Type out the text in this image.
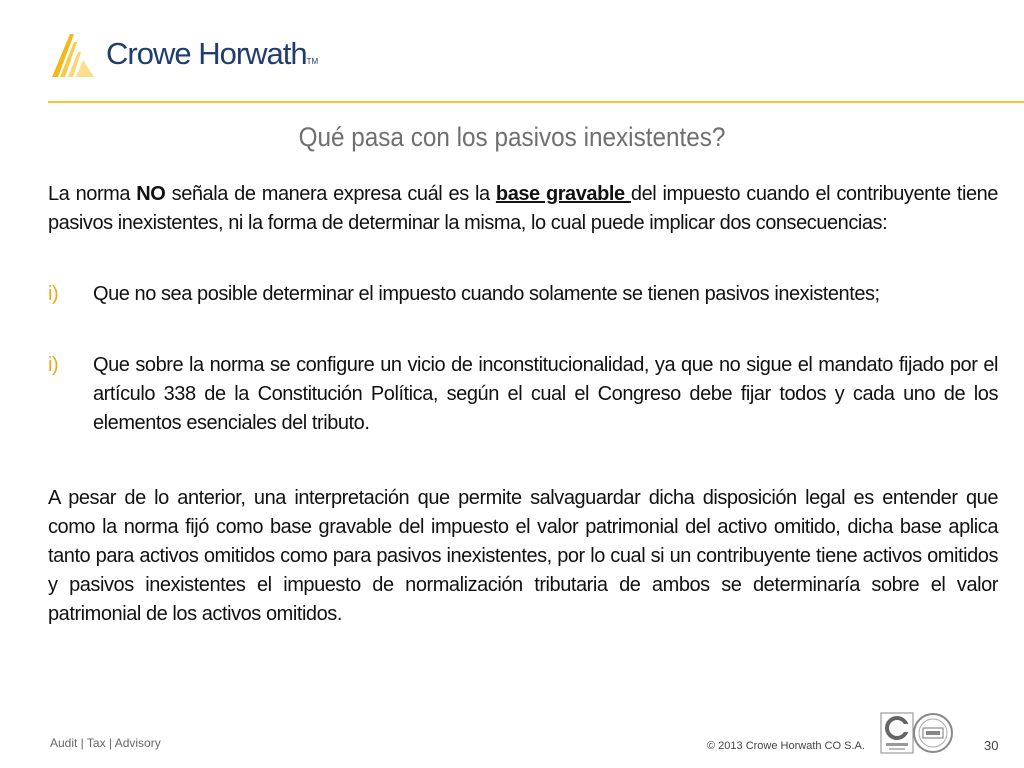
Crowe HorwathTM
Qué pasa con los pasivos inexistentes?

La norma NO señala de manera expresa cuál es la base gravable del impuesto cuando el contribuyente tiene pasivos inexistentes, ni la forma de determinar la misma, lo cual puede implicar dos consecuencias:

i) Que no sea posible determinar el impuesto cuando solamente se tienen pasivos inexistentes;

i) Que sobre la norma se configure un vicio de inconstitucionalidad, ya que no sigue el mandato fijado por el artículo 338 de la Constitución Política, según el cual el Congreso debe fijar todos y cada uno de los elementos esenciales del tributo.

A pesar de lo anterior, una interpretación que permite salvaguardar dicha disposición legal es entender que como la norma fijó como base gravable del impuesto el valor patrimonial del activo omitido, dicha base aplica tanto para activos omitidos como para pasivos inexistentes, por lo cual si un contribuyente tiene activos omitidos y pasivos inexistentes el impuesto de normalización tributaria de ambos se determinaría sobre el valor patrimonial de los activos omitidos.

Audit | Tax | Advisory	© 2013 Crowe Horwath CO S.A.	30
